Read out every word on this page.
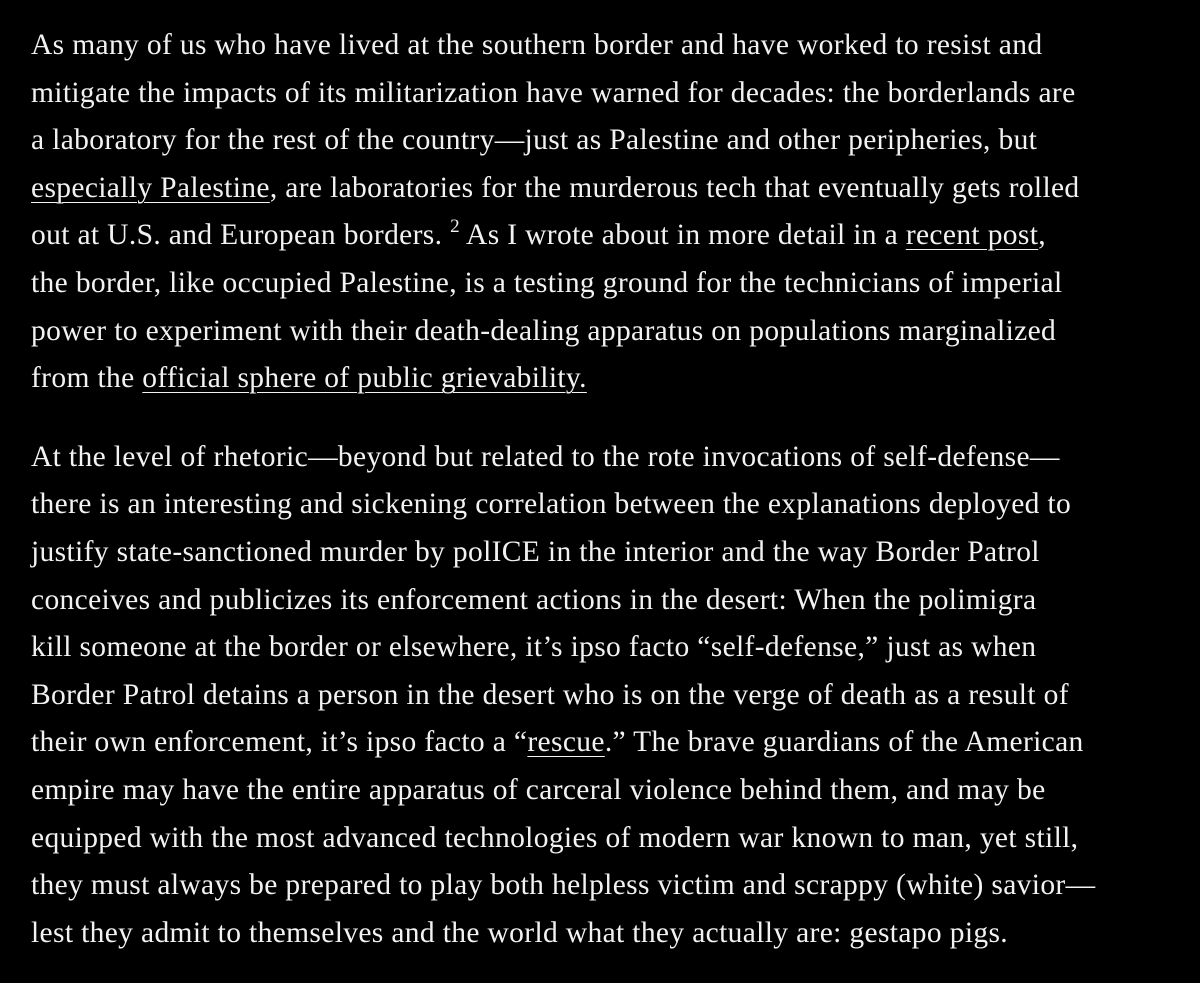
As many of us who have lived at the southern border and have worked to resist and
mitigate the impacts of its militarization have warned for decades: the borderlands are
a laboratory for the rest of the country—just as Palestine and other peripheries, but
especially Palestine, are laboratories for the murderous tech that eventually gets rolled
out at U.S. and European borders. $^2$ As I wrote about in more detail in a recent post,
the border, like occupied Palestine, is a testing ground for the technicians of imperial
power to experiment with their death-dealing apparatus on populations marginalized
from the official sphere of public grievability.

At the level of rhetoric—beyond but related to the rote invocations of self-defense—
there is an interesting and sickening correlation between the explanations deployed to
justify state-sanctioned murder by polICE in the interior and the way Border Patrol
conceives and publicizes its enforcement actions in the desert: When the polimigra
kill someone at the border or elsewhere, it’s ipso facto “self-defense,” just as when
Border Patrol detains a person in the desert who is on the verge of death as a result of
their own enforcement, it’s ipso facto a “rescue.” The brave guardians of the American
empire may have the entire apparatus of carceral violence behind them, and may be
equipped with the most advanced technologies of modern war known to man, yet still,
they must always be prepared to play both helpless victim and scrappy (white) savior—
lest they admit to themselves and the world what they actually are: gestapo pigs.
